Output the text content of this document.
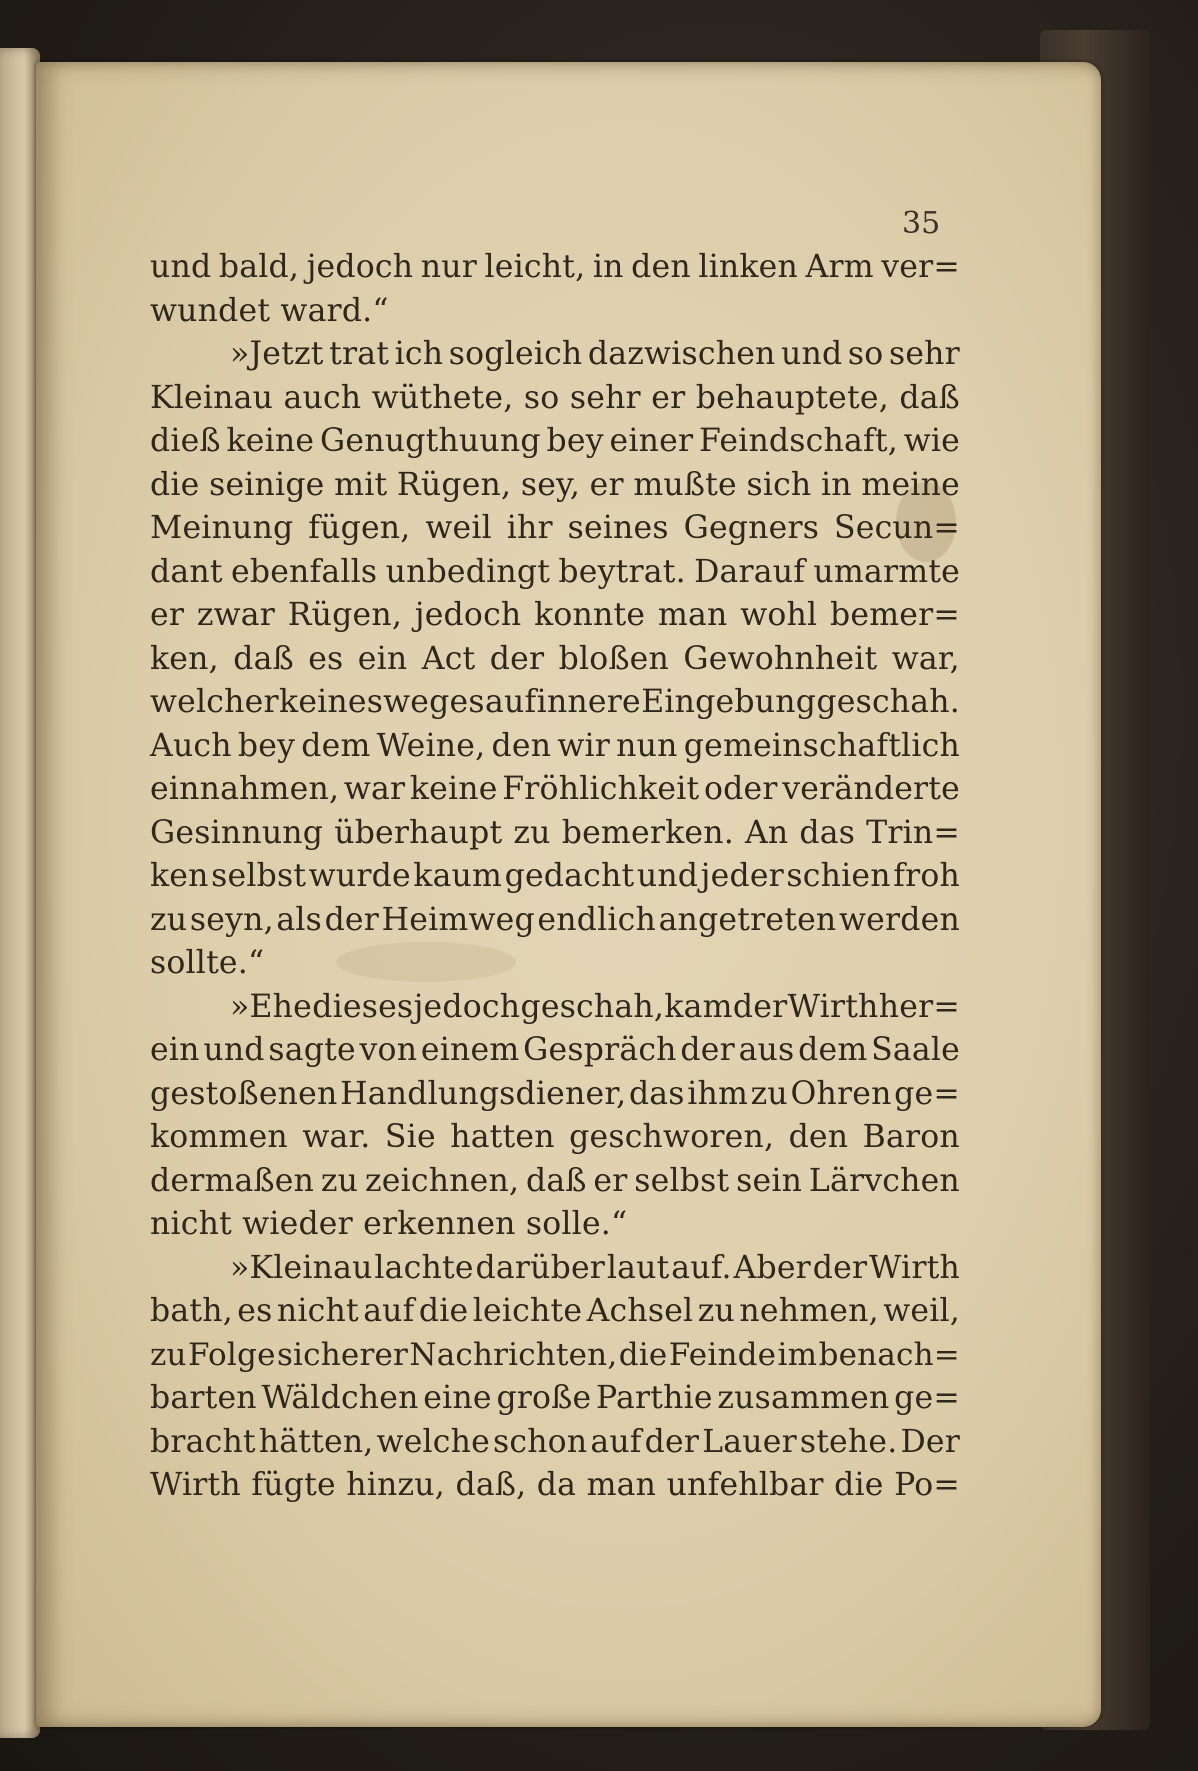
35
und bald, jedoch nur leicht, in den linken Arm ver=
wundet ward.“
»Jetzt trat ich sogleich dazwischen und so sehr
Kleinau auch wüthete, so sehr er behauptete, daß
dieß keine Genugthuung bey einer Feindschaft, wie
die seinige mit Rügen, sey, er mußte sich in meine
Meinung fügen, weil ihr seines Gegners Secun=
dant ebenfalls unbedingt beytrat. Darauf umarmte
er zwar Rügen, jedoch konnte man wohl bemer=
ken, daß es ein Act der bloßen Gewohnheit war,
welcher keinesweges auf innere Eingebung geschah.
Auch bey dem Weine, den wir nun gemeinschaftlich
einnahmen, war keine Fröhlichkeit oder veränderte
Gesinnung überhaupt zu bemerken. An das Trin=
ken selbst wurde kaum gedacht und jeder schien froh
zu seyn, als der Heimweg endlich angetreten werden
sollte.“
»Ehe dieses jedoch geschah, kam der Wirth her=
ein und sagte von einem Gespräch der aus dem Saale
gestoßenen Handlungsdiener, das ihm zu Ohren ge=
kommen war. Sie hatten geschworen, den Baron
dermaßen zu zeichnen, daß er selbst sein Lärvchen
nicht wieder erkennen solle.“
»Kleinau lachte darüber laut auf. Aber der Wirth
bath, es nicht auf die leichte Achsel zu nehmen, weil,
zu Folge sicherer Nachrichten, die Feinde im benach=
barten Wäldchen eine große Parthie zusammen ge=
bracht hätten, welche schon auf der Lauer stehe. Der
Wirth fügte hinzu, daß, da man unfehlbar die Po=
